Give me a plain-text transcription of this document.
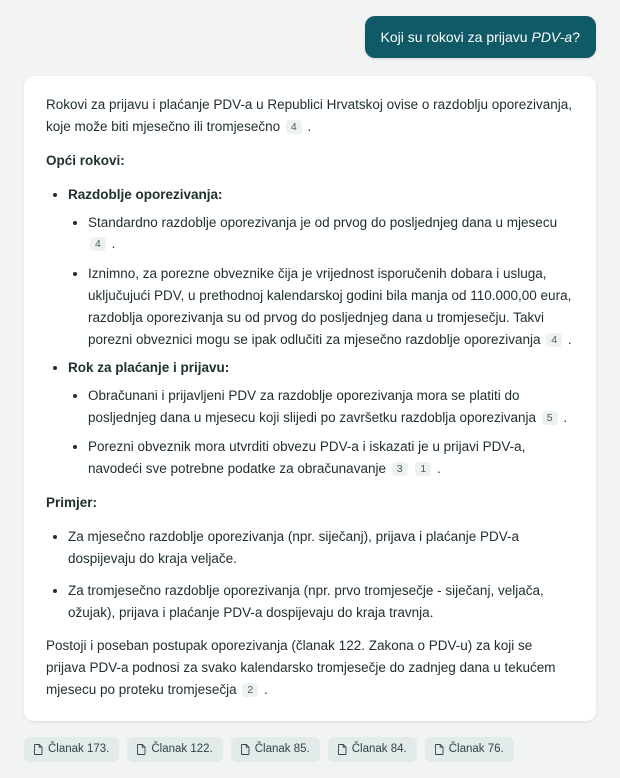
Koji su rokovi za prijavu PDV-a?

Rokovi za prijavu i plaćanje PDV-a u Republici Hrvatskoj ovise o razdoblju oporezivanja, koje može biti mjesečno ili tromjesečno 4 .

Opći rokovi:

• Razdoblje oporezivanja:
• Standardno razdoblje oporezivanja je od prvog do posljednjeg dana u mjesecu 4 .
• Iznimno, za porezne obveznike čija je vrijednost isporučenih dobara i usluga, uključujući PDV, u prethodnoj kalendarskoj godini bila manja od 110.000,00 eura, razdoblja oporezivanja su od prvog do posljednjeg dana u tromjesečju. Takvi porezni obveznici mogu se ipak odlučiti za mjesečno razdoblje oporezivanja 4 .
• Rok za plaćanje i prijavu:
• Obračunani i prijavljeni PDV za razdoblje oporezivanja mora se platiti do posljednjeg dana u mjesecu koji slijedi po završetku razdoblja oporezivanja 5 .
• Porezni obveznik mora utvrditi obvezu PDV-a i iskazati je u prijavi PDV-a, navodeći sve potrebne podatke za obračunavanje 3 1 .

Primjer:

• Za mjesečno razdoblje oporezivanja (npr. siječanj), prijava i plaćanje PDV-a dospijevaju do kraja veljače.
• Za tromjesečno razdoblje oporezivanja (npr. prvo tromjesečje - siječanj, veljača, ožujak), prijava i plaćanje PDV-a dospijevaju do kraja travnja.

Postoji i poseban postupak oporezivanja (članak 122. Zakona o PDV-u) za koji se prijava PDV-a podnosi za svako kalendarsko tromjesečje do zadnjeg dana u tekućem mjesecu po proteku tromjesečja 2 .

Članak 173.	Članak 122.	Članak 85.	Članak 84.	Članak 76.
